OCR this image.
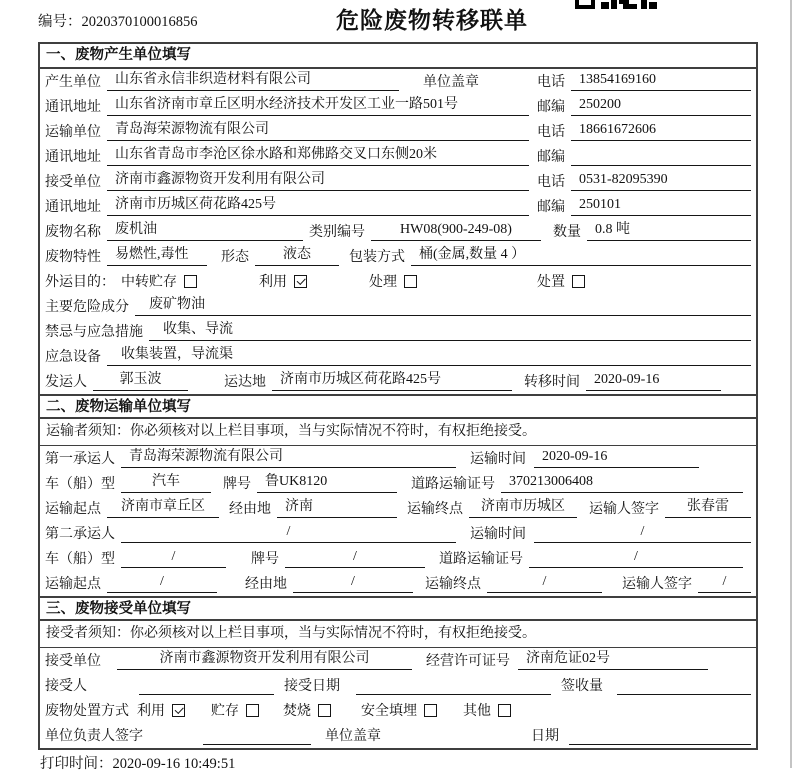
编号：2020370100016856	危险废物转移联单
一、废物产生单位填写
产生单位	山东省永信非织造材料有限公司	单位盖章	电话	13854169160
通讯地址	山东省济南市章丘区明水经济技术开发区工业一路501号	邮编	250200
运输单位	青岛海荣源物流有限公司	电话	18661672606
通讯地址	山东省青岛市李沧区徐水路和郑佛路交叉口东侧20米	邮编
接受单位	济南市鑫源物资开发利用有限公司	电话	0531-82095390
通讯地址	济南市历城区荷花路425号	邮编	250101
废物名称	废机油	类别编号	HW08(900-249-08)	数量	0.8 吨
废物特性	易燃性,毒性	形态	液态	包装方式	桶(金属,数量 4 ）
外运目的： 中转贮存	利用	处理	处置
主要危险成分	废矿物油
禁忌与应急措施	收集、导流
应急设备	收集装置，导流渠
发运人	郭玉波	运达地	济南市历城区荷花路425号	转移时间	2020-09-16
二、废物运输单位填写
运输者须知：你必须核对以上栏目事项，当与实际情况不符时，有权拒绝接受。
第一承运人	青岛海荣源物流有限公司	运输时间	2020-09-16
车（船）型	汽车	牌号	鲁UK8120	道路运输证号	370213006408
运输起点	济南市章丘区	经由地	济南	运输终点	济南市历城区	运输人签字	张春雷
第二承运人	/	运输时间	/
车（船）型	/	牌号	/	道路运输证号	/
运输起点	/	经由地	/	运输终点	/	运输人签字	/
三、废物接受单位填写
接受者须知：你必须核对以上栏目事项，当与实际情况不符时，有权拒绝接受。
接受单位	济南市鑫源物资开发利用有限公司	经营许可证号	济南危证02号
接受人	接受日期	签收量
废物处置方式 利用	贮存	焚烧	安全填埋	其他
单位负责人签字	单位盖章	日期
打印时间：2020-09-16 10:49:51
